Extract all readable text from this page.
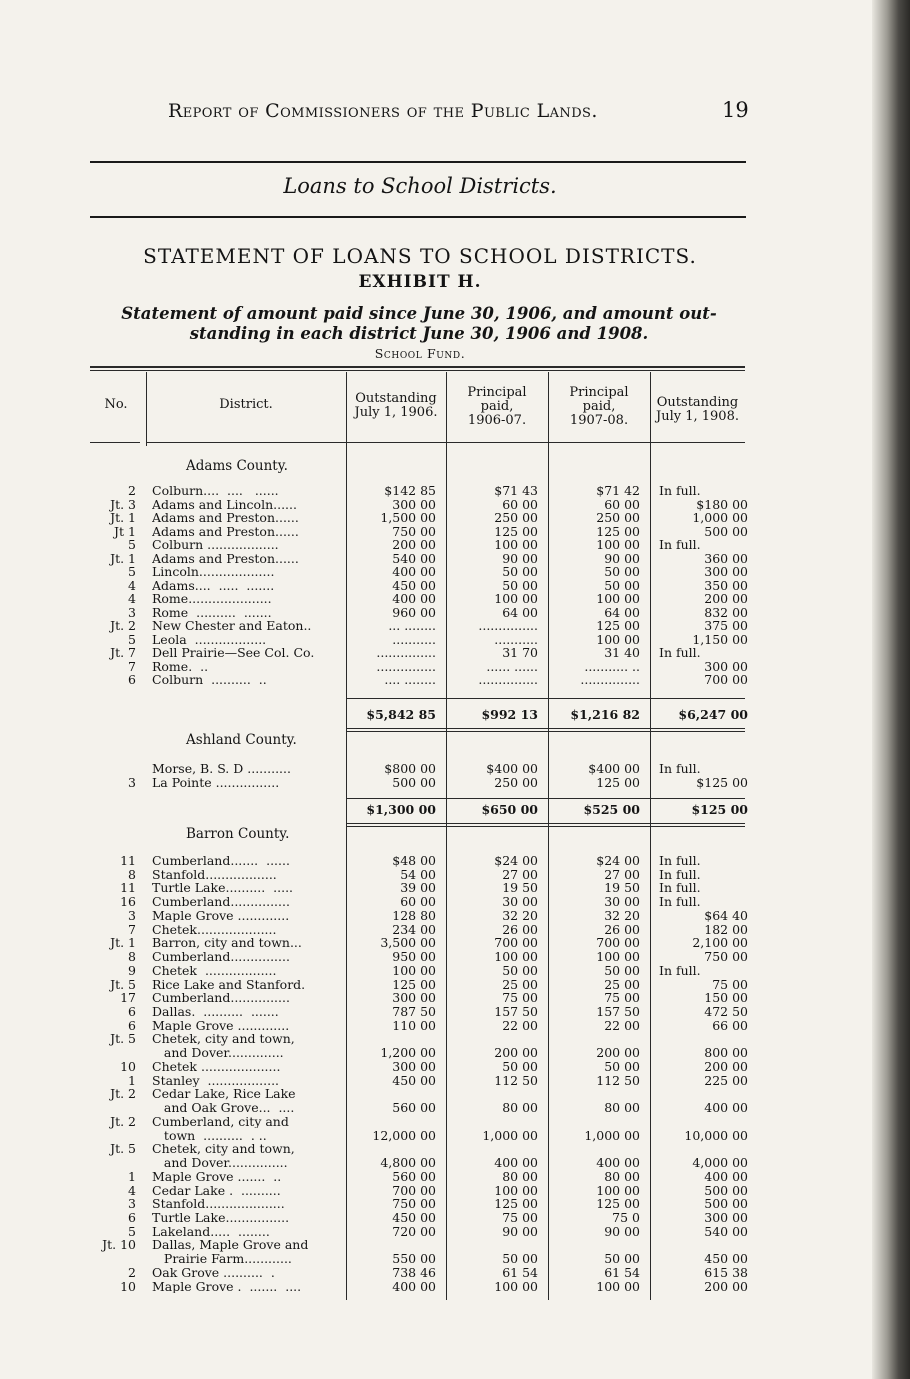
Report of Commissioners of the Public Lands.	19
Loans to School Districts.
STATEMENT OF LOANS TO SCHOOL DISTRICTS.
EXHIBIT H.
Statement of amount paid since June 30, 1906, and amount out-
standing in each district June 30, 1906 and 1908.
School Fund.
No.	District.	Outstanding
July 1, 1906.
Principal
paid,
1906-07.
Principal
paid,
1907-08.
Outstanding
July 1, 1908.
Adams County.
2 Colburn....  ....   ......	$142 85	$71 43	$71 42 In full.
Jt. 3 Adams and Lincoln......	300 00	60 00	60 00	$180 00
Jt. 1 Adams and Preston......	1,500 00	250 00	250 00	1,000 00
Jt 1 Adams and Preston......	750 00	125 00	125 00	500 00
5 Colburn ..................	200 00	100 00	100 00 In full.
Jt. 1 Adams and Preston......	540 00	90 00	90 00	360 00
5 Lincoln...................	400 00	50 00	50 00	300 00
4 Adams....  .....  .......	450 00	50 00	50 00	350 00
4 Rome.....................	400 00	100 00	100 00	200 00
3 Rome  ..........  .......	960 00	64 00	64 00	832 00
Jt. 2 New Chester and Eaton..	... ........	...............	125 00	375 00
5 Leola  ..................	...........	...........	100 00	1,150 00
Jt. 7 Dell Prairie—See Col. Co.	...............	31 70	31 40 In full.
7 Rome.  ..	...............	...... ......	........... ..	300 00
6 Colburn  ..........  ..	.... ........	...............	...............	700 00
$5,842 85	$992 13	$1,216 82	$6,247 00
Ashland County.
Morse, B. S. D ...........	$800 00	$400 00	$400 00 In full.
3 La Pointe ................	500 00	250 00	125 00	$125 00
$1,300 00	$650 00	$525 00	$125 00
Barron County.
11 Cumberland.......  ......	$48 00	$24 00	$24 00 In full.
8 Stanfold..................	54 00	27 00	27 00 In full.
11 Turtle Lake..........  .....	39 00	19 50	19 50 In full.
16 Cumberland...............	60 00	30 00	30 00 In full.
3 Maple Grove .............	128 80	32 20	32 20	$64 40
7 Chetek....................	234 00	26 00	26 00	182 00
Jt. 1 Barron, city and town...	3,500 00	700 00	700 00	2,100 00
8 Cumberland...............	950 00	100 00	100 00	750 00
9 Chetek  ..................	100 00	50 00	50 00 In full.
Jt. 5 Rice Lake and Stanford.	125 00	25 00	25 00	75 00
17 Cumberland...............	300 00	75 00	75 00	150 00
6 Dallas.  ..........  .......	787 50	157 50	157 50	472 50
6 Maple Grove .............	110 00	22 00	22 00	66 00
Jt. 5 Chetek, city and town,
and Dover..............	1,200 00	200 00	200 00	800 00
10 Chetek ....................	300 00	50 00	50 00	200 00
1 Stanley  ..................	450 00	112 50	112 50	225 00
Jt. 2 Cedar Lake, Rice Lake
and Oak Grove...  ....	560 00	80 00	80 00	400 00
Jt. 2 Cumberland, city and
town  ..........  . ..	12,000 00	1,000 00	1,000 00	10,000 00
Jt. 5 Chetek, city and town,
and Dover...............	4,800 00	400 00	400 00	4,000 00
1 Maple Grove .......  ..	560 00	80 00	80 00	400 00
4 Cedar Lake .  ..........	700 00	100 00	100 00	500 00
3 Stanfold....................	750 00	125 00	125 00	500 00
6 Turtle Lake................	450 00	75 00	75 0	300 00
5 Lakeland.....  ........	720 00	90 00	90 00	540 00
Jt. 10 Dallas, Maple Grove and
Prairie Farm............	550 00	50 00	50 00	450 00
2 Oak Grove ..........  .	738 46	61 54	61 54	615 38
10 Maple Grove .  .......  ....	400 00	100 00	100 00	200 00
